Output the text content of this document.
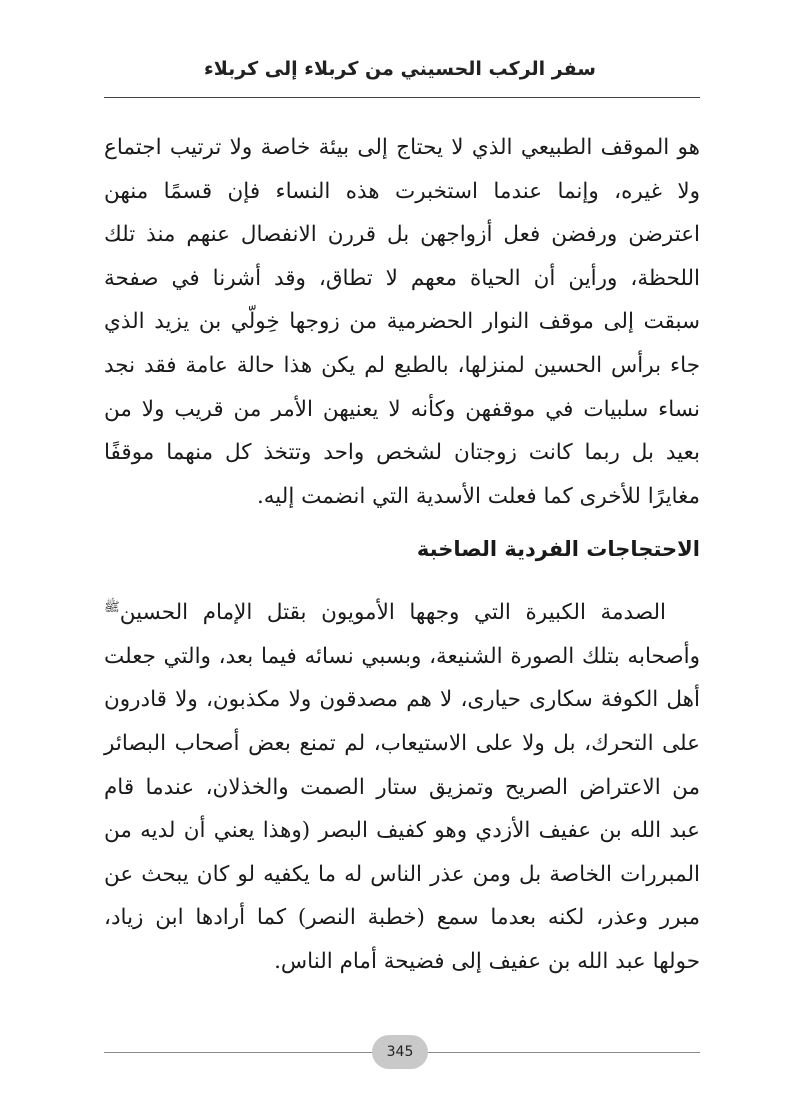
سفر الركب الحسيني من كربلاء إلى كربلاء

هو الموقف الطبيعي الذي لا يحتاج إلى بيئة خاصة ولا ترتيب اجتماع ولا غيره، وإنما عندما استخبرت هذه النساء فإن قسمًا منهن اعترضن ورفضن فعل أزواجهن بل قررن الانفصال عنهم منذ تلك اللحظة، ورأين أن الحياة معهم لا تطاق، وقد أشرنا في صفحة سبقت إلى موقف النوار الحضرمية من زوجها خِولّي بن يزيد الذي جاء برأس الحسين لمنزلها، بالطبع لم يكن هذا حالة عامة فقد نجد نساء سلبيات في موقفهن وكأنه لا يعنيهن الأمر من قريب ولا من بعيد بل ربما كانت زوجتان لشخص واحد وتتخذ كل منهما موقفًا مغايرًا للأخرى كما فعلت الأسدية التي انضمت إليه.

الاحتجاجات الفردية الصاخبة

الصدمة الكبيرة التي وجهها الأمويون بقتل الإمام الحسين$^ﷺ$ وأصحابه بتلك الصورة الشنيعة، وبسبي نسائه فيما بعد، والتي جعلت أهل الكوفة سكارى حيارى، لا هم مصدقون ولا مكذبون، ولا قادرون على التحرك، بل ولا على الاستيعاب، لم تمنع بعض أصحاب البصائر من الاعتراض الصريح وتمزيق ستار الصمت والخذلان، عندما قام عبد الله بن عفيف الأزدي وهو كفيف البصر (وهذا يعني أن لديه من المبررات الخاصة بل ومن عذر الناس له ما يكفيه لو كان يبحث عن مبرر وعذر، لكنه بعدما سمع (خطبة النصر) كما أرادها ابن زياد، حولها عبد الله بن عفيف إلى فضيحة أمام الناس.

345
